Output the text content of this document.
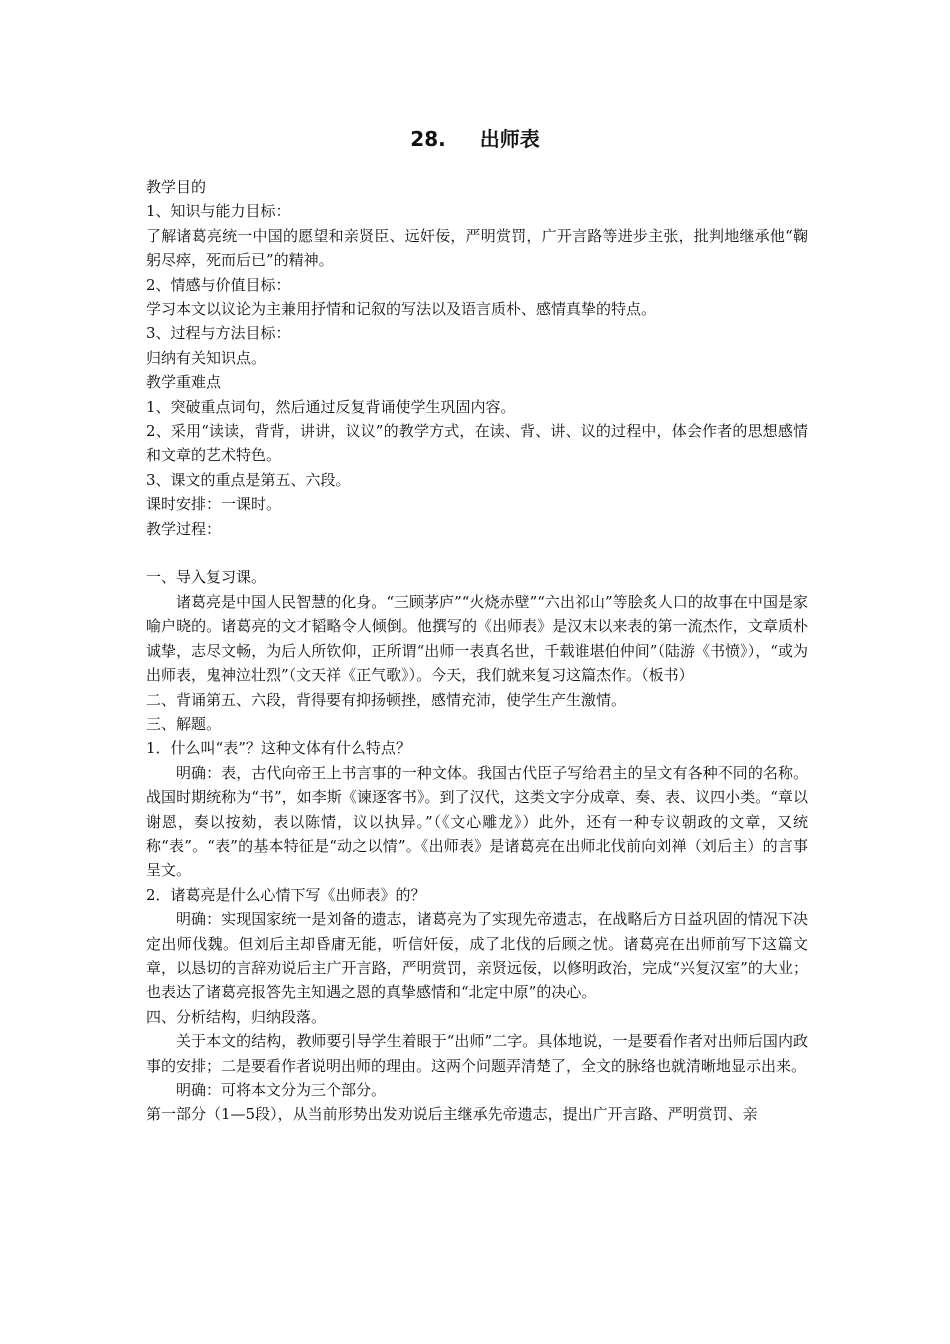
28. 出师表

教学目的

1、知识与能力目标：

了解诸葛亮统一中国的愿望和亲贤臣、远奸佞，严明赏罚，广开言路等进步主张，批判地继承他“鞠躬尽瘁，死而后已”的精神。

2、情感与价值目标：

学习本文以议论为主兼用抒情和记叙的写法以及语言质朴、感情真挚的特点。

3、过程与方法目标：

归纳有关知识点。

教学重难点

1、突破重点词句，然后通过反复背诵使学生巩固内容。

2、采用“读读，背背，讲讲，议议”的教学方式，在读、背、讲、议的过程中，体会作者的思想感情和文章的艺术特色。

3、课文的重点是第五、六段。

课时安排：一课时。

教学过程：

一、导入复习课。

诸葛亮是中国人民智慧的化身。“三顾茅庐”“火烧赤壁”“六出祁山”等脍炙人口的故事在中国是家喻户晓的。诸葛亮的文才韬略令人倾倒。他撰写的《出师表》是汉末以来表的第一流杰作，文章质朴诚挚，志尽文畅，为后人所钦仰，正所谓“出师一表真名世，千载谁堪伯仲间”（陆游《书愤》），“或为出师表，鬼神泣壮烈”（文天祥《正气歌》）。今天，我们就来复习这篇杰作。（板书）

二、背诵第五、六段，背得要有抑扬顿挫，感情充沛，使学生产生激情。

三、解题。

1．什么叫“表”？这种文体有什么特点？

明确：表，古代向帝王上书言事的一种文体。我国古代臣子写给君主的呈文有各种不同的名称。战国时期统称为“书”，如李斯《谏逐客书》。到了汉代，这类文字分成章、奏、表、议四小类。“章以谢恩，奏以按劾，表以陈情，议以执异。”（《文心雕龙》）此外，还有一种专议朝政的文章，又统称“表”。“表”的基本特征是“动之以情”。《出师表》是诸葛亮在出师北伐前向刘禅（刘后主）的言事呈文。

2．诸葛亮是什么心情下写《出师表》的？

明确：实现国家统一是刘备的遗志，诸葛亮为了实现先帝遗志，在战略后方日益巩固的情况下决定出师伐魏。但刘后主却昏庸无能，听信奸佞，成了北伐的后顾之忧。诸葛亮在出师前写下这篇文章，以恳切的言辞劝说后主广开言路，严明赏罚，亲贤远佞，以修明政治，完成“兴复汉室”的大业；也表达了诸葛亮报答先主知遇之恩的真挚感情和“北定中原”的决心。

四、分析结构，归纳段落。

关于本文的结构，教师要引导学生着眼于“出师”二字。具体地说，一是要看作者对出师后国内政事的安排；二是要看作者说明出师的理由。这两个问题弄清楚了，全文的脉络也就清晰地显示出来。

明确：可将本文分为三个部分。

第一部分（1—5段），从当前形势出发劝说后主继承先帝遗志，提出广开言路、严明赏罚、亲
